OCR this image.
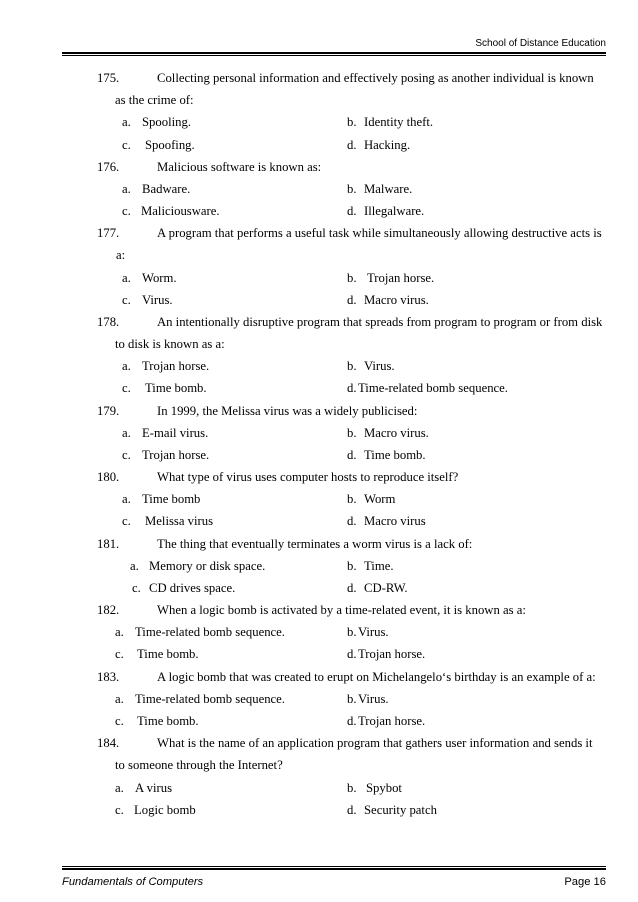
School of Distance Education
175.	Collecting personal information and effectively posing as another individual is known
as the crime of:
a. Spooling.	b. Identity theft.
c. Spoofing.	d. Hacking.
176.	Malicious software is known as:
a. Badware.	b. Malware.
c. Maliciousware.	d. Illegalware.
177.	A program that performs a useful task while simultaneously allowing destructive acts is
a:
a. Worm.	b. Trojan horse.
c. Virus.	d. Macro virus.
178.	An intentionally disruptive program that spreads from program to program or from disk
to disk is known as a:
a. Trojan horse.	b. Virus.
c. Time bomb.	d. Time-related bomb sequence.
179.	In 1999, the Melissa virus was a widely publicised:
a. E-mail virus.	b. Macro virus.
c. Trojan horse.	d. Time bomb.
180.	What type of virus uses computer hosts to reproduce itself?
a. Time bomb	b. Worm
c. Melissa virus	d. Macro virus
181.	The thing that eventually terminates a worm virus is a lack of:
a. Memory or disk space.	b. Time.
c. CD drives space.	d. CD-RW.
182.	When a logic bomb is activated by a time-related event, it is known as a:
a. Time-related bomb sequence.	b. Virus.
c. Time bomb.	d. Trojan horse.
183.	A logic bomb that was created to erupt on Michelangelo‘s birthday is an example of a:
a. Time-related bomb sequence.	b. Virus.
c. Time bomb.	d. Trojan horse.
184.	What is the name of an application program that gathers user information and sends it
to someone through the Internet?
a. A virus	b. Spybot
c. Logic bomb	d. Security patch
Fundamentals of Computers	Page 16
